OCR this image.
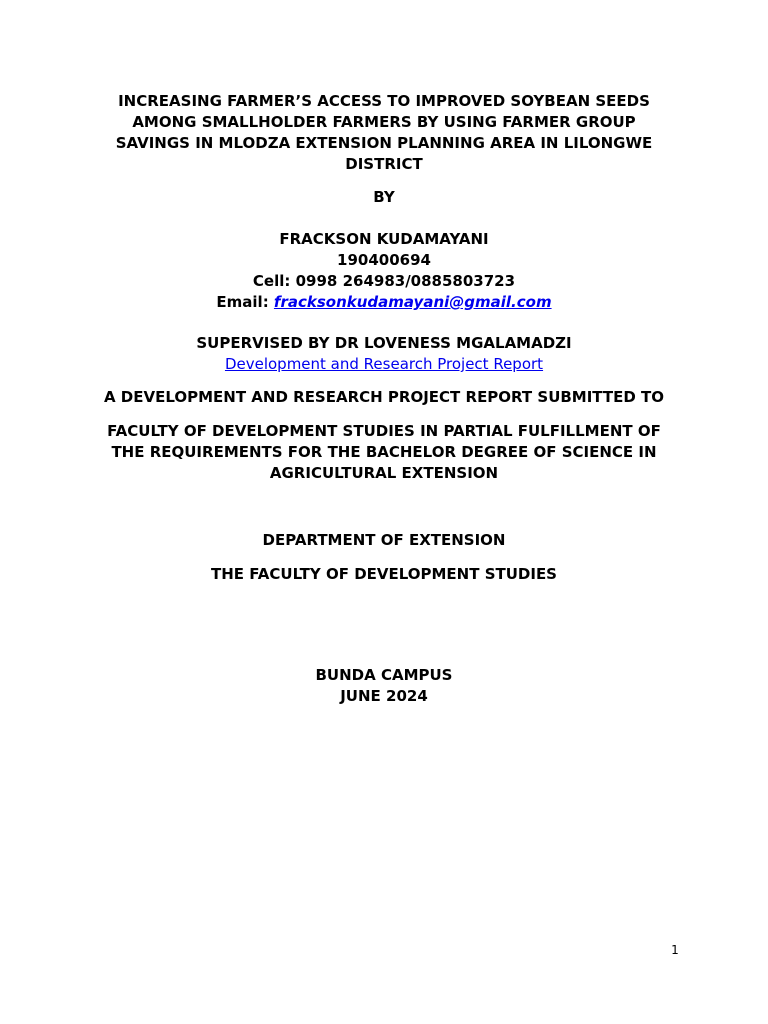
INCREASING FARMER’S ACCESS TO IMPROVED SOYBEAN SEEDS
AMONG SMALLHOLDER FARMERS BY USING FARMER GROUP
SAVINGS IN MLODZA EXTENSION PLANNING AREA IN LILONGWE
DISTRICT
BY
FRACKSON KUDAMAYANI
190400694
Cell: 0998 264983/0885803723
Email: fracksonkudamayani@gmail.com
SUPERVISED BY DR LOVENESS MGALAMADZI
Development and Research Project Report
A DEVELOPMENT AND RESEARCH PROJECT REPORT SUBMITTED TO
FACULTY OF DEVELOPMENT STUDIES IN PARTIAL FULFILLMENT OF
THE REQUIREMENTS FOR THE BACHELOR DEGREE OF SCIENCE IN
AGRICULTURAL EXTENSION
DEPARTMENT OF EXTENSION
THE FACULTY OF DEVELOPMENT STUDIES
BUNDA CAMPUS
JUNE 2024
1
